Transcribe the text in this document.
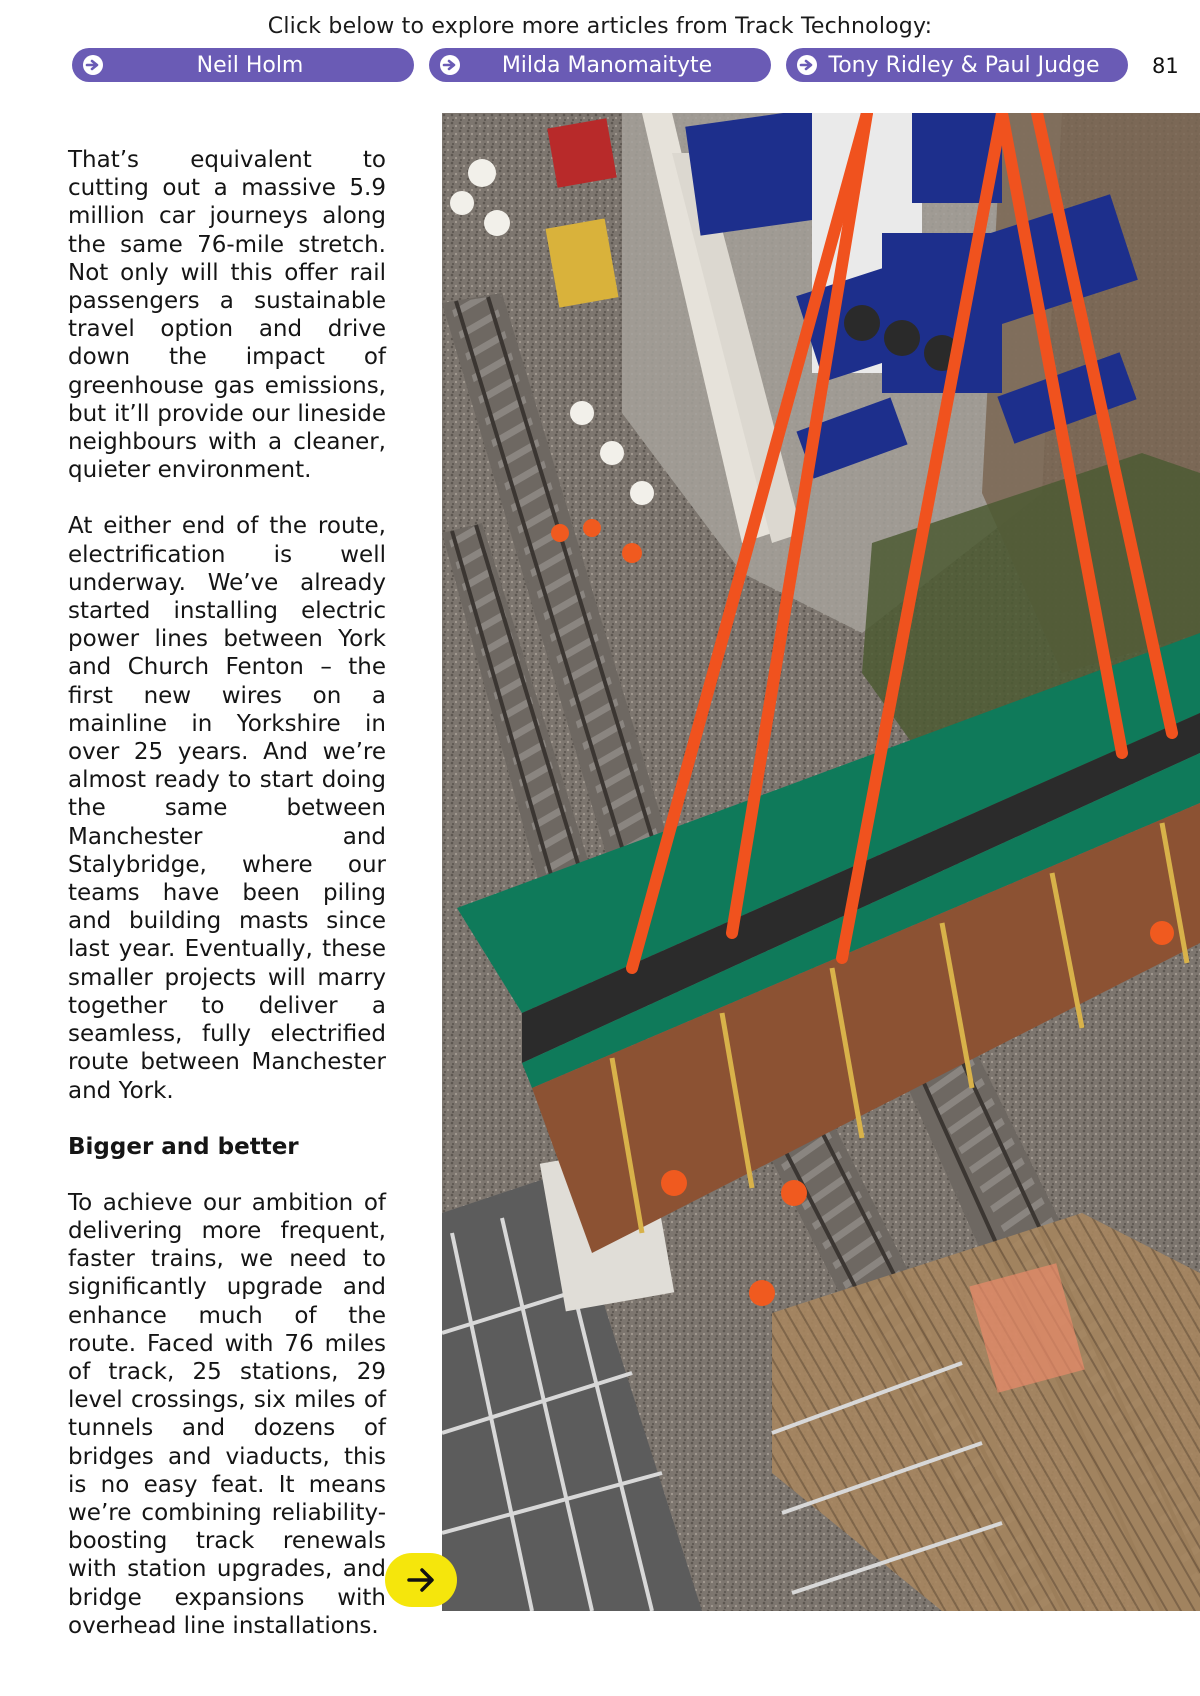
Click below to explore more articles from Track Technology:
Neil Holm	Milda Manomaityte	Tony Ridley & Paul Judge	81

That’s equivalent to cutting out a massive 5.9 million car journeys along the same 76-mile stretch. Not only will this offer rail passengers a sustainable travel option and drive down the impact of greenhouse gas emissions, but it’ll provide our lineside neighbours with a cleaner, quieter environment.

At either end of the route, electrification is well underway. We’ve already started installing electric power lines between York and Church Fenton – the first new wires on a mainline in Yorkshire in over 25 years. And we’re almost ready to start doing the same between Manchester and Stalybridge, where our teams have been piling and building masts since last year. Eventually, these smaller projects will marry together to deliver a seamless, fully electrified route between Manchester and York.

Bigger and better

To achieve our ambition of delivering more frequent, faster trains, we need to significantly upgrade and enhance much of the route. Faced with 76 miles of track, 25 stations, 29 level crossings, six miles of tunnels and dozens of bridges and viaducts, this is no easy feat. It means we’re combining reliability-boosting track renewals with station upgrades, and bridge expansions with overhead line installations.
